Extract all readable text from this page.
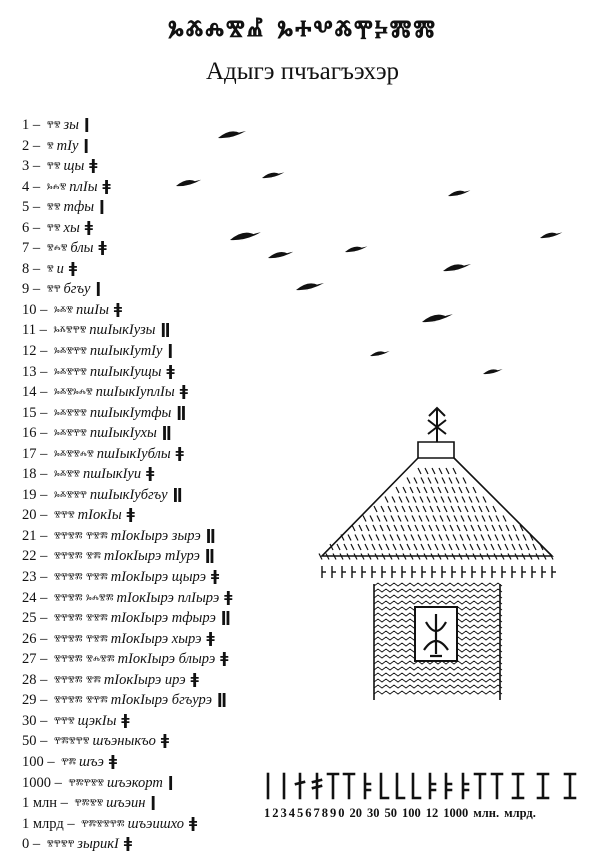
ⰳⰶⰾⰺⰼ ⰳⰰⰲⰶⰹⰽⰿⰿ
Адыгэ пчъагъэхэр
1 – ⰹⰺ зы ǀ
2 – ⰺ тIу ǀ
3 – ⰹⰺ щы ǂ
4 – ⰳⰾⰺ плIы ǂ
5 – ⰺⰺ тфы ǀ
6 – ⰹⰺ хы ǂ
7 – ⰺⰾⰺ блы ǂ
8 – ⰺ и ǂ
9 – ⰺⰹ бгъу ǀ
10 – ⰳⰶⰺ пшIы ǂ
11 – ⰳⰶⰺⰹⰺ пшIыкIузы ǁ
12 – ⰳⰶⰺⰹⰺ пшIыкIутIу ǀ
13 – ⰳⰶⰺⰹⰺ пшIыкIущы ǂ
14 – ⰳⰶⰺⰳⰾⰺ пшIыкIуплIы ǂ
15 – ⰳⰶⰺⰺⰺ пшIыкIутфы ǁ
16 – ⰳⰶⰺⰹⰺ пшIыкIухы ǁ
17 – ⰳⰶⰺⰺⰾⰺ пшIыкIублы ǂ
18 – ⰳⰶⰺⰺ пшIыкIуи ǂ
19 – ⰳⰶⰺⰺⰹ пшIыкIубгъу ǁ
20 – ⰺⰹⰺ тIокIы ǂ
21 – ⰺⰹⰺⰿ ⰹⰺⰿ тIокIырэ зырэ ǁ
22 – ⰺⰹⰺⰿ ⰺⰿ тIокIырэ тIурэ ǁ
23 – ⰺⰹⰺⰿ ⰹⰺⰿ тIокIырэ щырэ ǂ
24 – ⰺⰹⰺⰿ ⰳⰾⰺⰿ тIокIырэ плIырэ ǂ
25 – ⰺⰹⰺⰿ ⰺⰺⰿ тIокIырэ тфырэ ǁ
26 – ⰺⰹⰺⰿ ⰹⰺⰿ тIокIырэ хырэ ǂ
27 – ⰺⰹⰺⰿ ⰺⰾⰺⰿ тIокIырэ блырэ ǂ
28 – ⰺⰹⰺⰿ ⰺⰿ тIокIырэ ирэ ǂ
29 – ⰺⰹⰺⰿ ⰺⰹⰿ тIокIырэ бгъурэ ǁ
30 – ⰹⰹⰺ щэкIы ǂ
50 – ⰹⰿⰺⰹⰺ шъэныкъо ǂ
100 – ⰹⰿ шъэ ǂ
1000 – ⰹⰿⰹⰺⰺ шъэкорт ǀ
1 млн – ⰹⰿⰺⰺ шъэин ǀ
1 млрд – ⰹⰿⰺⰺⰹⰿ шъэишхо ǂ
0 – ⰺⰹⰺⰹ зырикI ǂ
1 2 3 4 5 6 7 8 9 0 20 30 50 100 12 1000 млн. млрд.
